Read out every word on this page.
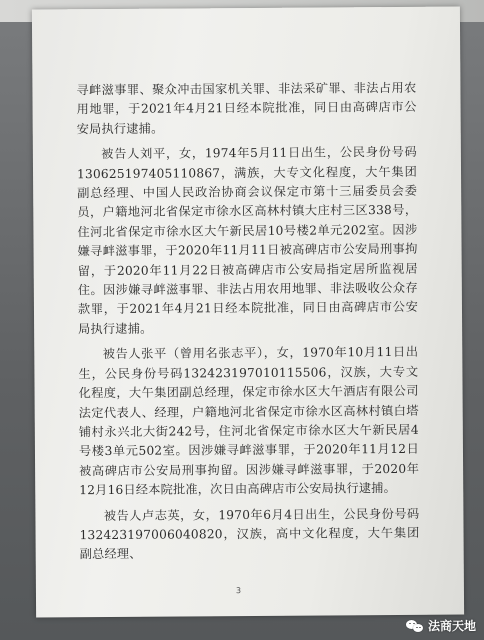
寻衅滋事罪、聚众冲击国家机关罪、非法采矿罪、非法占用农用地罪，于2021年4月21日经本院批准，同日由高碑店市公安局执行逮捕。

被告人刘平，女，1974年5月11日出生，公民身份号码130625197405110867，满族，大专文化程度，大午集团副总经理、中国人民政治协商会议保定市第十三届委员会委员，户籍地河北省保定市徐水区高林村镇大庄村三区338号，住河北省保定市徐水区大午新民居10号楼2单元202室。因涉嫌寻衅滋事罪，于2020年11月11日被高碑店市公安局刑事拘留，于2020年11月22日被高碑店市公安局指定居所监视居住。因涉嫌寻衅滋事罪、非法占用农用地罪、非法吸收公众存款罪，于2021年4月21日经本院批准，同日由高碑店市公安局执行逮捕。

被告人张平（曾用名张志平），女，1970年10月11日出生，公民身份号码132423197010115506，汉族，大专文化程度，大午集团副总经理，保定市徐水区大午酒店有限公司法定代表人、经理，户籍地河北省保定市徐水区高林村镇白塔铺村永兴北大街242号，住河北省保定市徐水区大午新民居4号楼3单元502室。因涉嫌寻衅滋事罪，于2020年11月12日被高碑店市公安局刑事拘留。因涉嫌寻衅滋事罪，于2020年12月16日经本院批准，次日由高碑店市公安局执行逮捕。

被告人卢志英，女，1970年6月4日出生，公民身份号码132423197006040820，汉族，高中文化程度，大午集团副总经理、

3
法商天地
